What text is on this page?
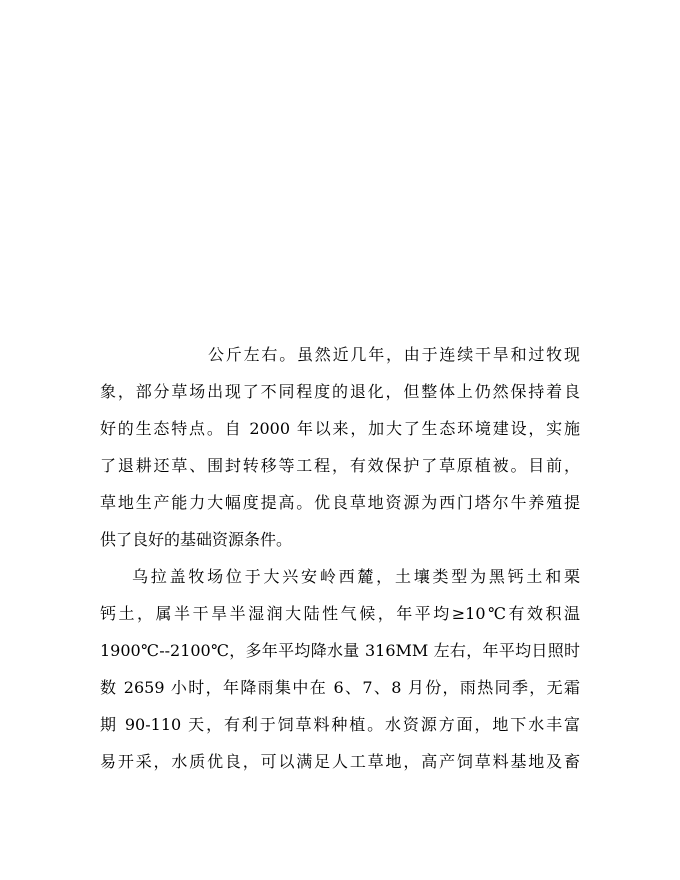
公斤左右。虽然近几年，由于连续干旱和过牧现
象，部分草场出现了不同程度的退化，但整体上仍然保持着良
好的生态特点。自 2000 年以来，加大了生态环境建设，实施
了退耕还草、围封转移等工程，有效保护了草原植被。目前，
草地生产能力大幅度提高。优良草地资源为西门塔尔牛养殖提
供了良好的基础资源条件。
乌拉盖牧场位于大兴安岭西麓，土壤类型为黑钙土和栗
钙土，属半干旱半湿润大陆性气候，年平均≥10℃有效积温
1900℃--2100℃，多年平均降水量 316MM 左右，年平均日照时
数 2659 小时，年降雨集中在 6、7、8 月份，雨热同季，无霜
期 90-110 天，有利于饲草料种植。水资源方面，地下水丰富
易开采，水质优良，可以满足人工草地，高产饲草料基地及畜
